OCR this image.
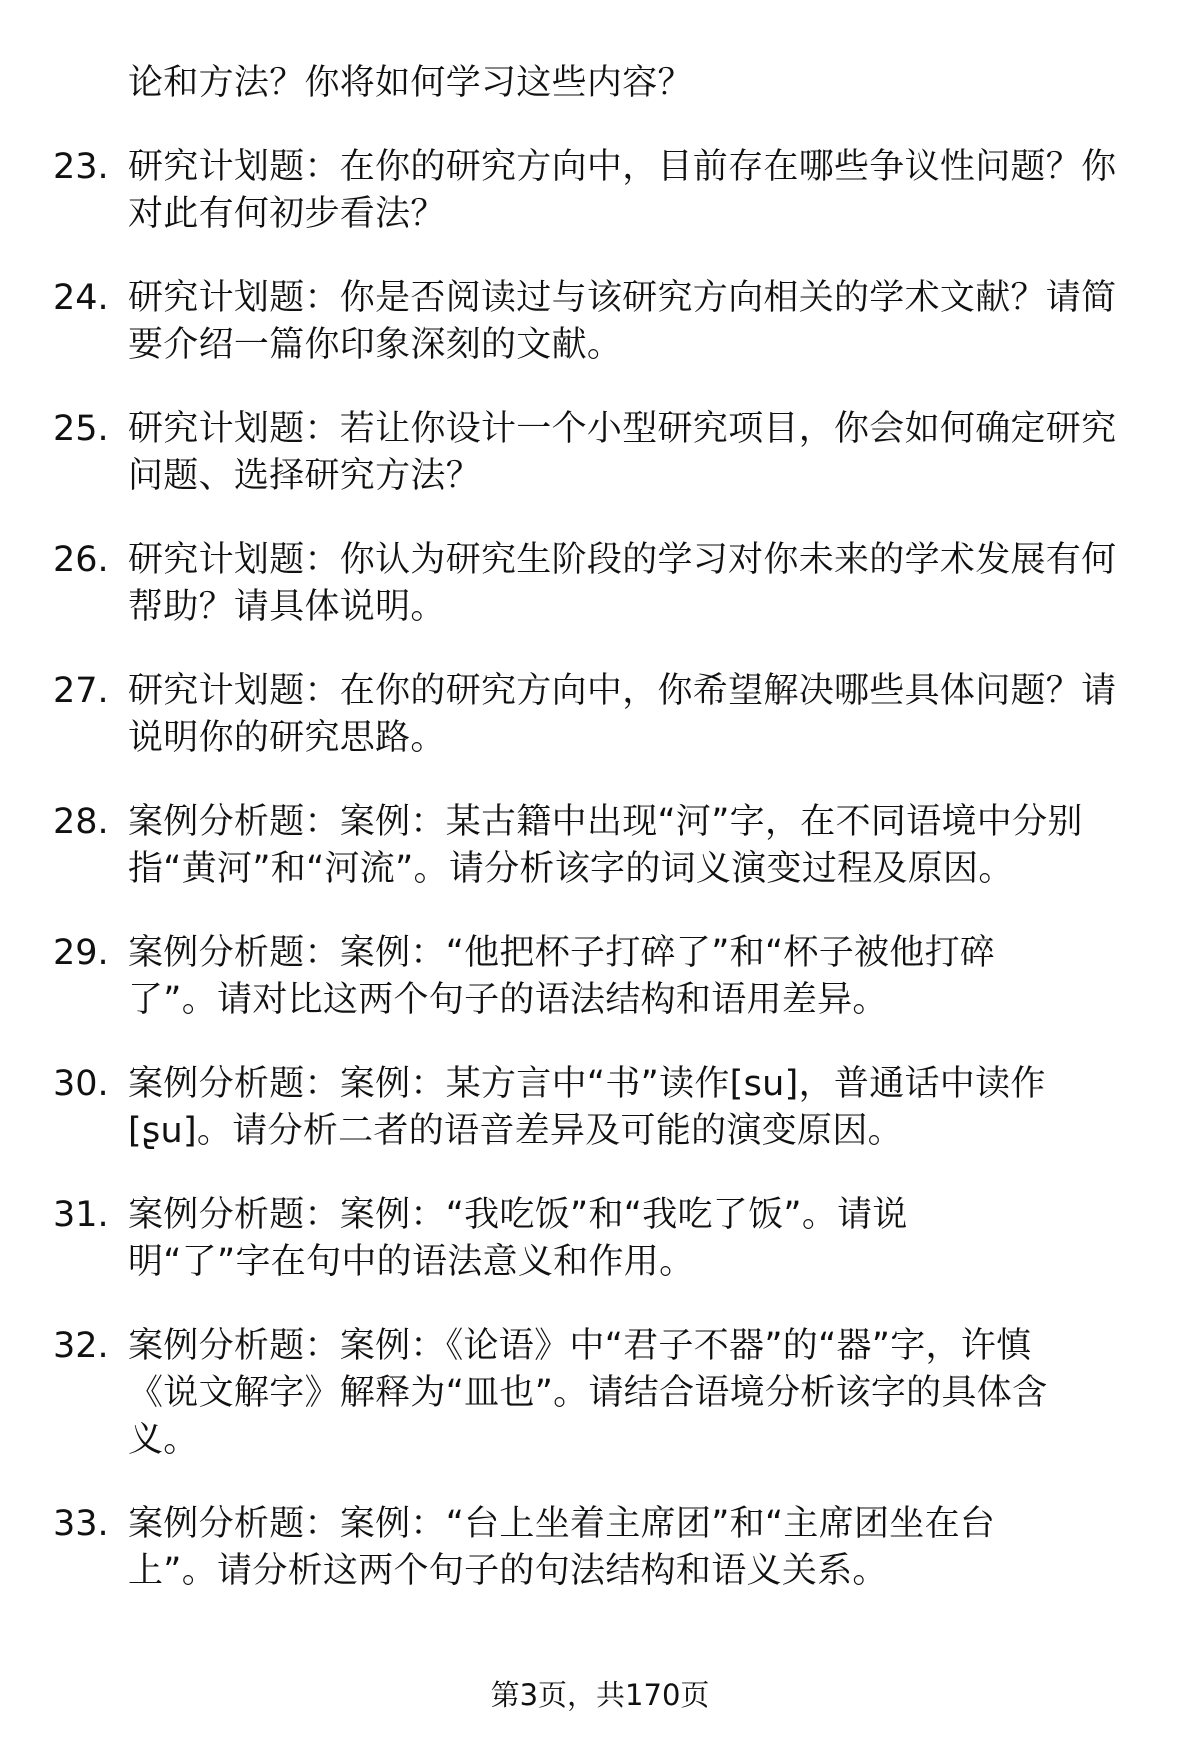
论和方法？你将如何学习这些内容？
23. 研究计划题：在你的研究方向中，目前存在哪些争议性问题？你
对此有何初步看法？
24. 研究计划题：你是否阅读过与该研究方向相关的学术文献？请简
要介绍一篇你印象深刻的文献。
25. 研究计划题：若让你设计一个小型研究项目，你会如何确定研究
问题、选择研究方法？
26. 研究计划题：你认为研究生阶段的学习对你未来的学术发展有何
帮助？请具体说明。
27. 研究计划题：在你的研究方向中，你希望解决哪些具体问题？请
说明你的研究思路。
28. 案例分析题：案例：某古籍中出现“河”字，在不同语境中分别
指“黄河”和“河流”。请分析该字的词义演变过程及原因。
29. 案例分析题：案例：“他把杯子打碎了”和“杯子被他打碎
了”。请对比这两个句子的语法结构和语用差异。
30. 案例分析题：案例：某方言中“书”读作[su]，普通话中读作
[ʂu]。请分析二者的语音差异及可能的演变原因。
31. 案例分析题：案例：“我吃饭”和“我吃了饭”。请说
明“了”字在句中的语法意义和作用。
32. 案例分析题：案例：《论语》中“君子不器”的“器”字，许慎
《说文解字》解释为“皿也”。请结合语境分析该字的具体含
义。
33. 案例分析题：案例：“台上坐着主席团”和“主席团坐在台
上”。请分析这两个句子的句法结构和语义关系。
第3页，共170页
